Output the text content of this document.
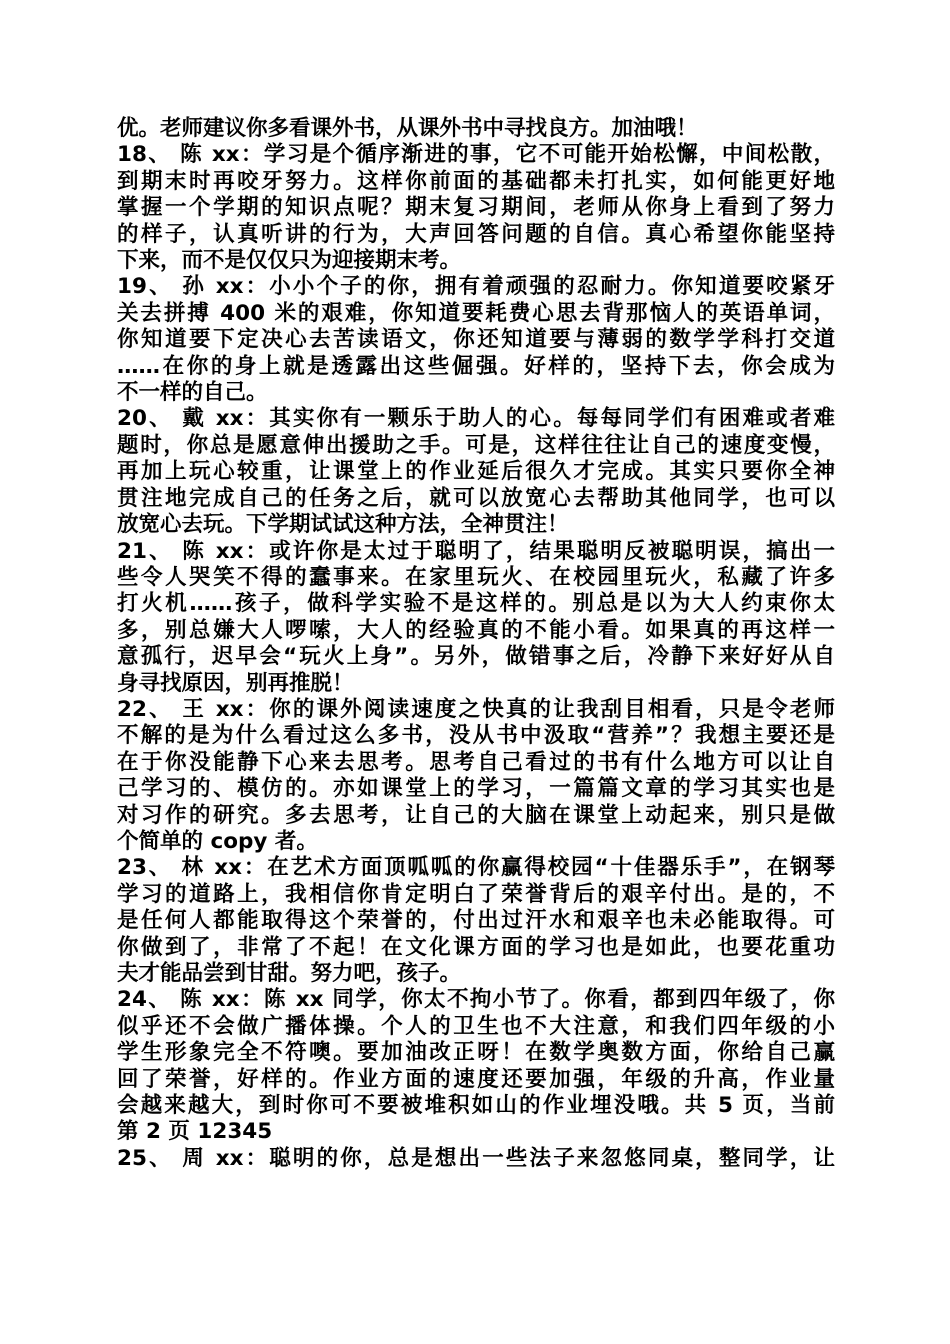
优。老师建议你多看课外书，从课外书中寻找良方。加油哦！
18、 陈 xx：学习是个循序渐进的事，它不可能开始松懈，中间松散，
到期末时再咬牙努力。这样你前面的基础都未打扎实，如何能更好地
掌握一个学期的知识点呢？期末复习期间，老师从你身上看到了努力
的样子，认真听讲的行为，大声回答问题的自信。真心希望你能坚持
下来，而不是仅仅只为迎接期末考。
19、 孙 xx：小小个子的你，拥有着顽强的忍耐力。你知道要咬紧牙
关去拼搏 400 米的艰难，你知道要耗费心思去背那恼人的英语单词，
你知道要下定决心去苦读语文，你还知道要与薄弱的数学学科打交道
……在你的身上就是透露出这些倔强。好样的，坚持下去，你会成为
不一样的自己。
20、 戴 xx：其实你有一颗乐于助人的心。每每同学们有困难或者难
题时，你总是愿意伸出援助之手。可是，这样往往让自己的速度变慢，
再加上玩心较重，让课堂上的作业延后很久才完成。其实只要你全神
贯注地完成自己的任务之后，就可以放宽心去帮助其他同学，也可以
放宽心去玩。下学期试试这种方法，全神贯注！
21、 陈 xx：或许你是太过于聪明了，结果聪明反被聪明误，搞出一
些令人哭笑不得的蠢事来。在家里玩火、在校园里玩火，私藏了许多
打火机……孩子，做科学实验不是这样的。别总是以为大人约束你太
多，别总嫌大人啰嗦，大人的经验真的不能小看。如果真的再这样一
意孤行，迟早会“玩火上身”。另外，做错事之后，冷静下来好好从自
身寻找原因，别再推脱！
22、 王 xx：你的课外阅读速度之快真的让我刮目相看，只是令老师
不解的是为什么看过这么多书，没从书中汲取“营养”？我想主要还是
在于你没能静下心来去思考。思考自己看过的书有什么地方可以让自
己学习的、模仿的。亦如课堂上的学习，一篇篇文章的学习其实也是
对习作的研究。多去思考，让自己的大脑在课堂上动起来，别只是做
个简单的 copy 者。
23、 林 xx：在艺术方面顶呱呱的你赢得校园“十佳器乐手”，在钢琴
学习的道路上，我相信你肯定明白了荣誉背后的艰辛付出。是的，不
是任何人都能取得这个荣誉的，付出过汗水和艰辛也未必能取得。可
你做到了，非常了不起！在文化课方面的学习也是如此，也要花重功
夫才能品尝到甘甜。努力吧，孩子。
24、 陈 xx：陈 xx 同学，你太不拘小节了。你看，都到四年级了，你
似乎还不会做广播体操。个人的卫生也不大注意，和我们四年级的小
学生形象完全不符噢。要加油改正呀！在数学奥数方面，你给自己赢
回了荣誉，好样的。作业方面的速度还要加强，年级的升高，作业量
会越来越大，到时你可不要被堆积如山的作业埋没哦。共 5 页，当前
第 2 页 12345
25、 周 xx：聪明的你，总是想出一些法子来忽悠同桌，整同学，让
